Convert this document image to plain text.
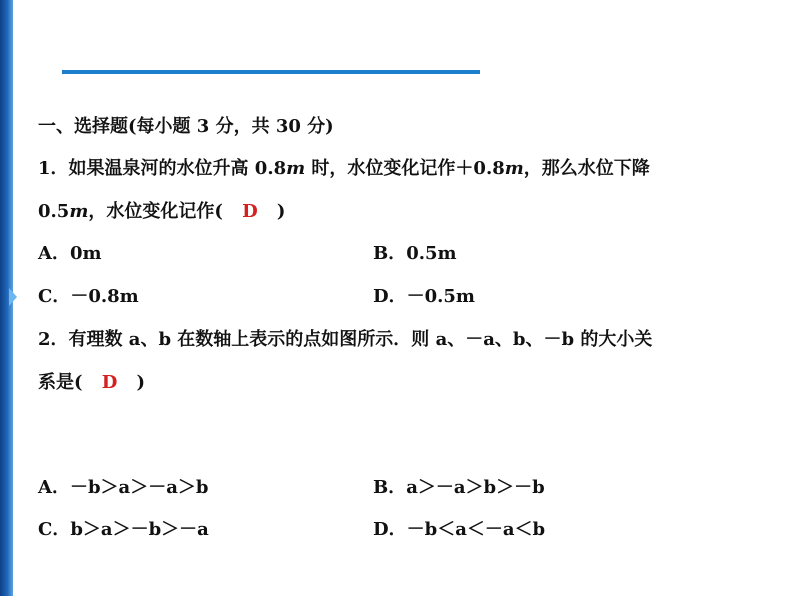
一、选择题(每小题 3 分，共 30 分)
1．如果温泉河的水位升高 0.8m 时，水位变化记作＋0.8m，那么水位下降
0.5m，水位变化记作( D )
A．0m	B．0.5m
C．－0.8m	D．－0.5m
2．有理数 a、b 在数轴上表示的点如图所示．则 a、－a、b、－b 的大小关
系是( D )
A．－b＞a＞－a＞b	B．a＞－a＞b＞－b
C．b＞a＞－b＞－a	D．－b＜a＜－a＜b
